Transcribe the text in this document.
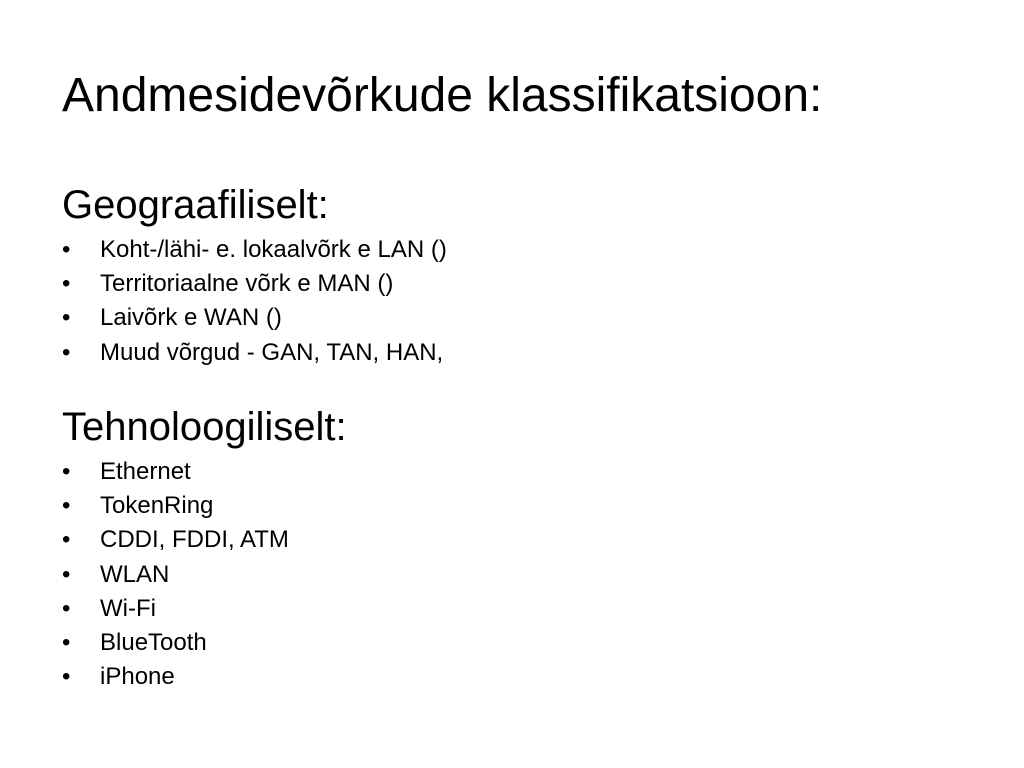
Andmesidevõrkude klassifikatsioon:
Geograafiliselt:
•	Koht-/lähi- e. lokaalvõrk e LAN ()
•	Territoriaalne võrk e MAN ()
•	Laivõrk e WAN ()
•	Muud võrgud - GAN, TAN, HAN,
Tehnoloogiliselt:
•	Ethernet
•	TokenRing
•	CDDI, FDDI, ATM
•	WLAN
•	Wi-Fi
•	BlueTooth
•	iPhone
